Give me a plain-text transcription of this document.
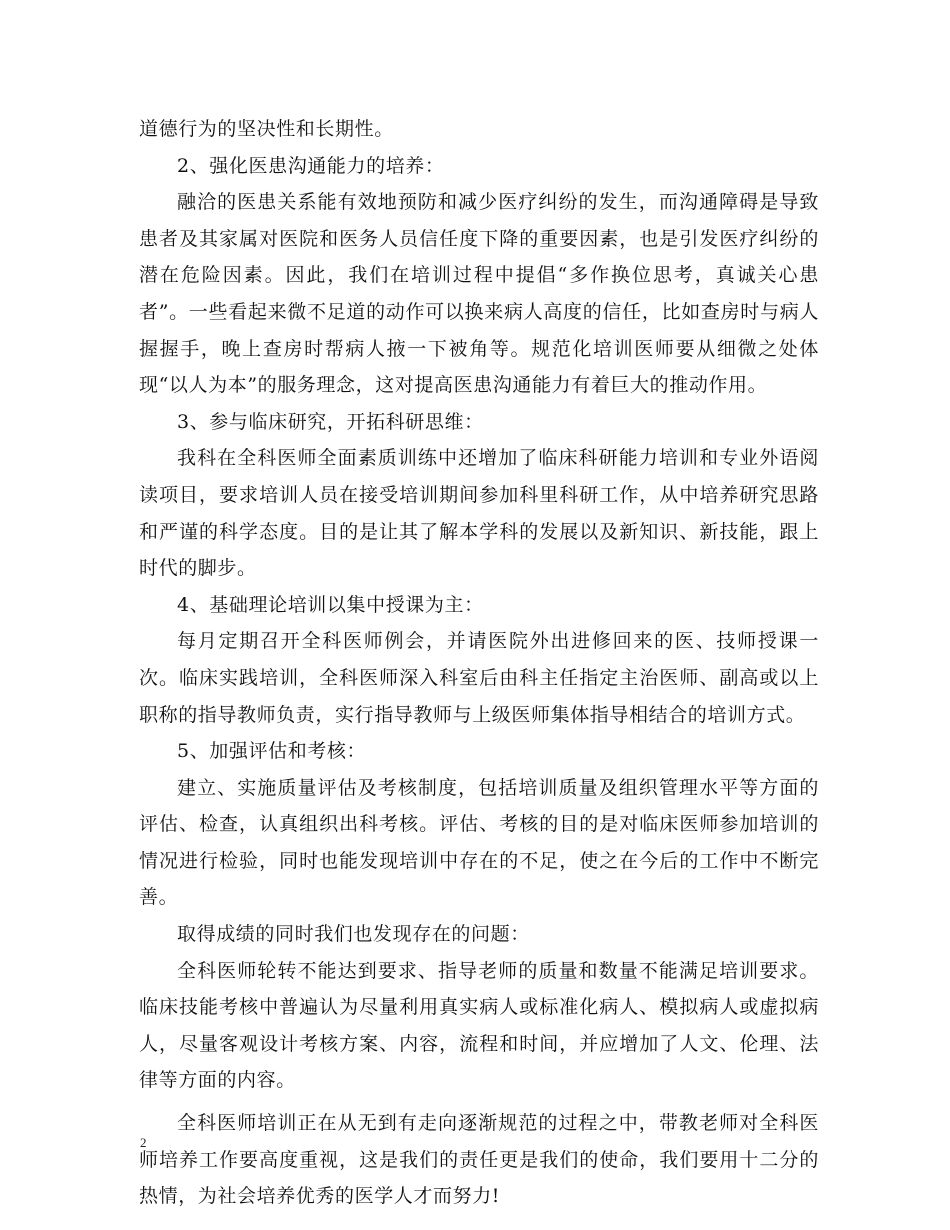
道德行为的坚决性和长期性。

2、强化医患沟通能力的培养：

融洽的医患关系能有效地预防和减少医疗纠纷的发生，而沟通障碍是导致患者及其家属对医院和医务人员信任度下降的重要因素，也是引发医疗纠纷的潜在危险因素。因此，我们在培训过程中提倡“多作换位思考，真诚关心患者”。一些看起来微不足道的动作可以换来病人高度的信任，比如查房时与病人握握手，晚上查房时帮病人掖一下被角等。规范化培训医师要从细微之处体现“以人为本”的服务理念，这对提高医患沟通能力有着巨大的推动作用。

3、参与临床研究，开拓科研思维：

我科在全科医师全面素质训练中还增加了临床科研能力培训和专业外语阅读项目，要求培训人员在接受培训期间参加科里科研工作，从中培养研究思路和严谨的科学态度。目的是让其了解本学科的发展以及新知识、新技能，跟上时代的脚步。

4、基础理论培训以集中授课为主：

每月定期召开全科医师例会，并请医院外出进修回来的医、技师授课一次。临床实践培训，全科医师深入科室后由科主任指定主治医师、副高或以上职称的指导教师负责，实行指导教师与上级医师集体指导相结合的培训方式。

5、加强评估和考核：

建立、实施质量评估及考核制度，包括培训质量及组织管理水平等方面的评估、检查，认真组织出科考核。评估、考核的目的是对临床医师参加培训的情况进行检验，同时也能发现培训中存在的不足，使之在今后的工作中不断完善。

取得成绩的同时我们也发现存在的问题：

全科医师轮转不能达到要求、指导老师的质量和数量不能满足培训要求。临床技能考核中普遍认为尽量利用真实病人或标准化病人、模拟病人或虚拟病人，尽量客观设计考核方案、内容，流程和时间，并应增加了人文、伦理、法律等方面的内容。

全科医师培训正在从无到有走向逐渐规范的过程之中，带教老师对全科医师培养工作要高度重视，这是我们的责任更是我们的使命，我们要用十二分的热情，为社会培养优秀的医学人才而努力!

2
